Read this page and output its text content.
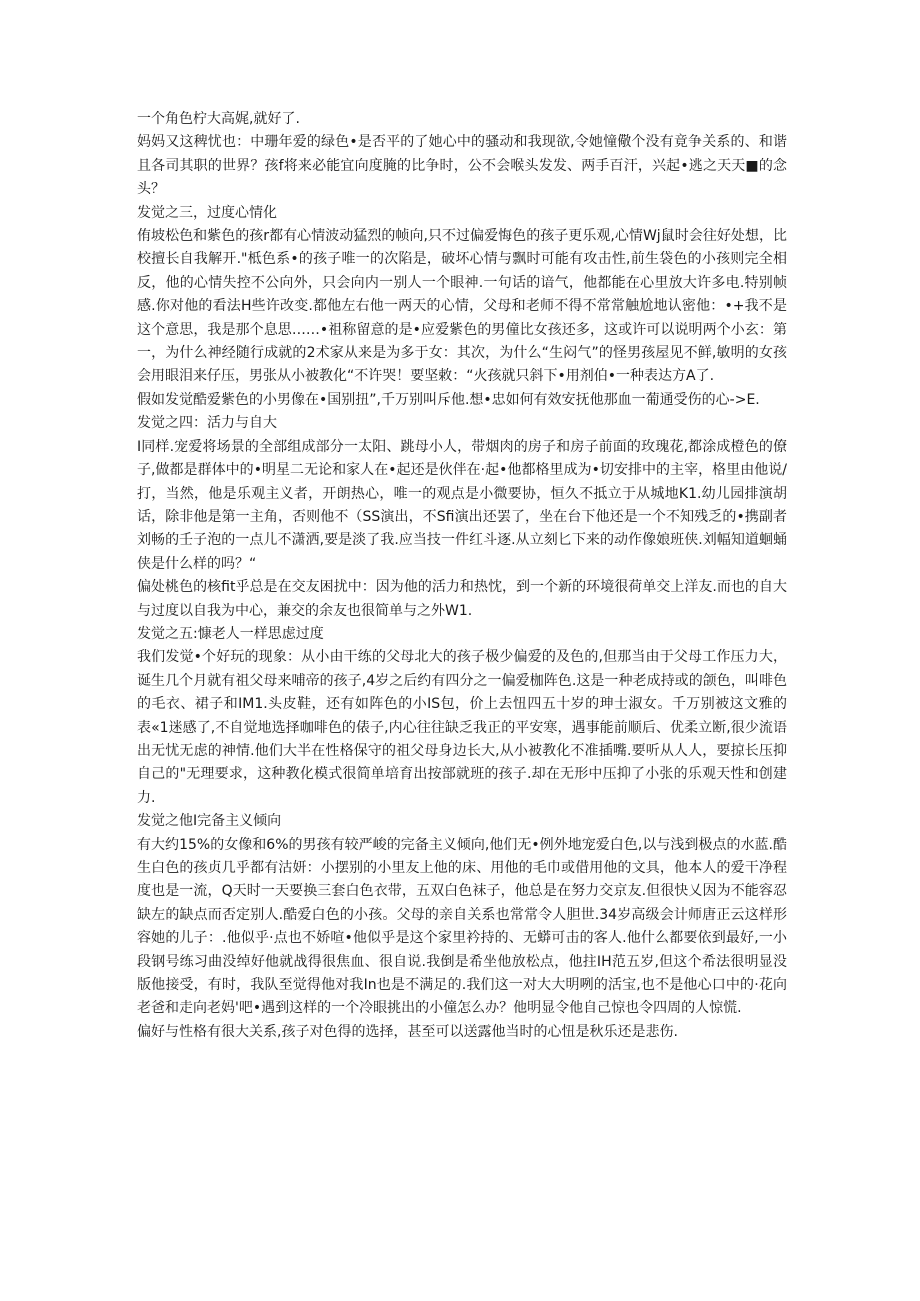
一个角色柠大高娓,就好了.

妈妈又这稗忧也：中珊年爱的绿色•是否平的了她心中的骚动和我现欲,令她憧儆个没有竟争关系的、和谐且各司其职的世界？孩f将来必能宜向度腌的比争时，公不会喉头发发、两手百汗，兴起•逃之天天■的念头？

发觉之三，过度心情化

侑坡松色和紫色的孩r都有心情波动猛烈的帧向,只不过偏爱悔色的孩子更乐观,心情Wj鼠时会往好处想，比校擅长自我解开."柢色系•的孩子唯一的次陷是，破坏心情与飘时可能有攻击性,前生袋色的小孩则完全相反，他的心情失控不公向外，只会向内一别人一个眼神.一句话的谙气，他都能在心里放大许多电.特别帧感.你对他的看法H些许改变.都他左右他一两天的心情，父母和老师不得不常常触尬地认密他：•+我不是这个意思，我是那个息思……•祖称留意的是•应爱紫色的男僮比女孩还多，这或许可以说明两个小玄：第一，为什么神经随行成就的2术家从来是为多于女：其次，为什么“生闷气”的怪男孩屋见不鲜,敏明的女孩会用眼泪来仔压，男张从小被教化“不许哭！要坚敕：“火孩就只斜下•用剂伯•一种表达方A了.

假如发觉酷爱紫色的小男像在•国别扭”,千万别叫斥他.想•忠如何有效安抚他那血一葡通受伤的心->E.

发觉之四：活力与自大

I同样.宠爱将场景的全部组成部分一太阳、跳母小人，带烟肉的房子和房子前面的玫瑰花,都涂成橙色的僚子,做都是群体中的•明星二无论和家人在•起还是伙伴在·起•他都格里成为•切安排中的主宰，格里由他说/打，当然，他是乐观主义者，开朗热心，唯一的观点是小微要协，恒久不抵立于从城地K1.幼儿园排演胡话，除非他是第一主角，否则他不（SS演出，不Sfi演出还罢了，坐在台下他还是一个不知残乏的•携副者刘畅的壬子泡的一点儿不潇洒,要是淡了我.应当技一件红斗逐.从立刻匕下来的动作像娘班侠.刘幅知道蛔蛹侠是什么样的吗？“

偏处桃色的核fit乎总是在交友困扰中：因为他的活力和热忱，到一个新的环境很荷单交上洋友.而也的自大与过度以自我为中心，兼交的余友也很简单与之外W1.

发觉之五:慷老人一样思虑过度

我们发觉•个好玩的现象：从小由干练的父母北大的孩子极少偏爱的及色的,但那当由于父母工作压力大，诞生几个月就有祖父母来哺帝的孩子,4岁之后约有四分之一偏爱枷阵色.这是一种老成持或的颌色，叫啡色的毛衣、裙子和IM1.头皮鞋，还有如阵色的小IS包，价上去忸四五十岁的珅士淑女。千万别被这文雅的表«1迷感了,不自觉地选择咖啡色的俵子,内心往往缺乏我正的平安寒，遇事能前顺后、优柔立断,很少流语出无忧无虑的神情.他们大半在性格保守的祖父母身边长大,从小被教化不准插嘴.要听从人人，要掠长压抑自己的"无理要求，这种教化模式很简单培育出按部就班的孩子.却在无形中压抑了小张的乐观天性和创建力.

发觉之他I完备主义倾向

有大约15%的女像和6%的男孩有较严峻的完备主义倾向,他们无•例外地宠爱白色,以与浅到极点的水蓝.酷生白色的孩贞几乎都有沽妍：小摆别的小里友上他的床、用他的毛巾或借用他的文具，他本人的爱干净程度也是一流，Q天时一天要换三套白色衣带，五双白色袜子，他总是在努力交京友.但很快乂因为不能容忍缺左的缺点而否定别人.酷爱白色的小孩。父母的亲自关系也常常令人胆世.34岁高级会计师唐正云这样形容她的儿子：.他似乎·点也不娇喧•他似乎是这个家里衿持的、无蟒可击的客人.他什么都要依到最好,一小段钢号练习曲没绰好他就战得很焦血、很自说.我倒是希坐他放松点，他拄IH范五岁,但这个希法很明显没版他接受，有时，我队至觉得他对我In也是不满足的.我们这一对大大明咧的活宝,也不是他心口中的·花向老爸和走向老妈'吧•遇到这样的一个冷眼挑出的小僮怎么办？他明显令他自己惊也令四周的人惊慌.

偏好与性格有很大关系,孩子对色得的选择，甚至可以送露他当时的心忸是秋乐还是悲伤.
